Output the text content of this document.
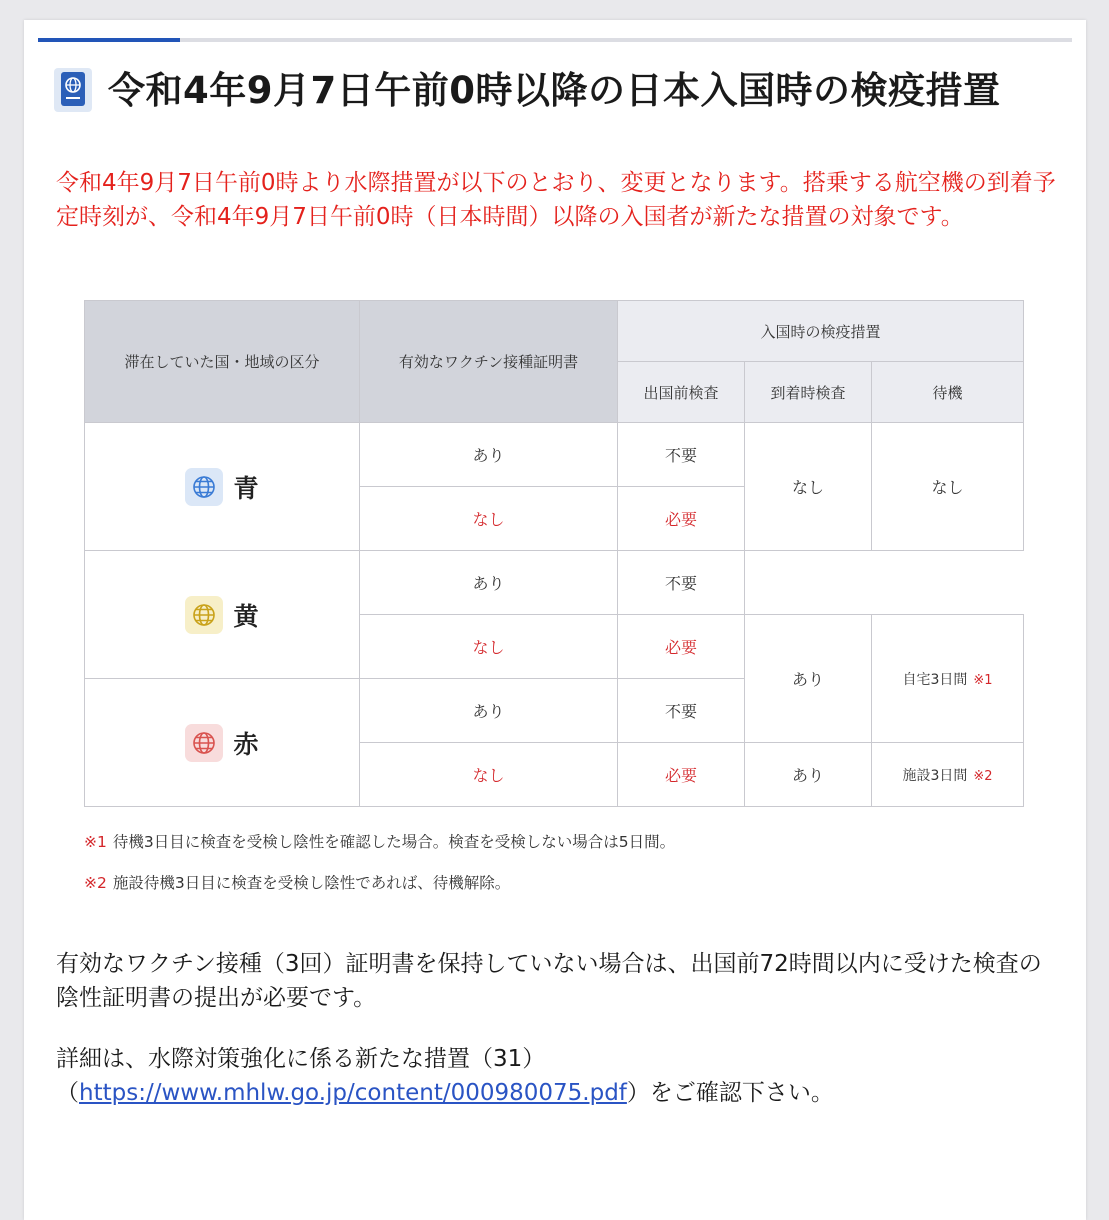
令和4年9月7日午前0時以降の日本入国時の検疫措置

令和4年9月7日午前0時より水際措置が以下のとおり、変更となります。搭乗する航空機の到着予定時刻が、令和4年9月7日午前0時（日本時間）以降の入国者が新たな措置の対象です。

滞在していた国・地域の区分	有効なワクチン接種証明書	入国時の検疫措置		
		出国前検査	到着時検査	待機

青	あり	不要	なし	なし
	なし	必要		

黄	あり	不要		
	なし	必要	あり	自宅3日間 ※1

赤	あり	不要		
	なし	必要	あり	施設3日間 ※2

※1 待機3日目に検査を受検し陰性を確認した場合。検査を受検しない場合は5日間。

※2 施設待機3日目に検査を受検し陰性であれば、待機解除。

有効なワクチン接種（3回）証明書を保持していない場合は、出国前72時間以内に受けた検査の陰性証明書の提出が必要です。

詳細は、水際対策強化に係る新たな措置（31）
（https://www.mhlw.go.jp/content/000980075.pdf）をご確認下さい。
